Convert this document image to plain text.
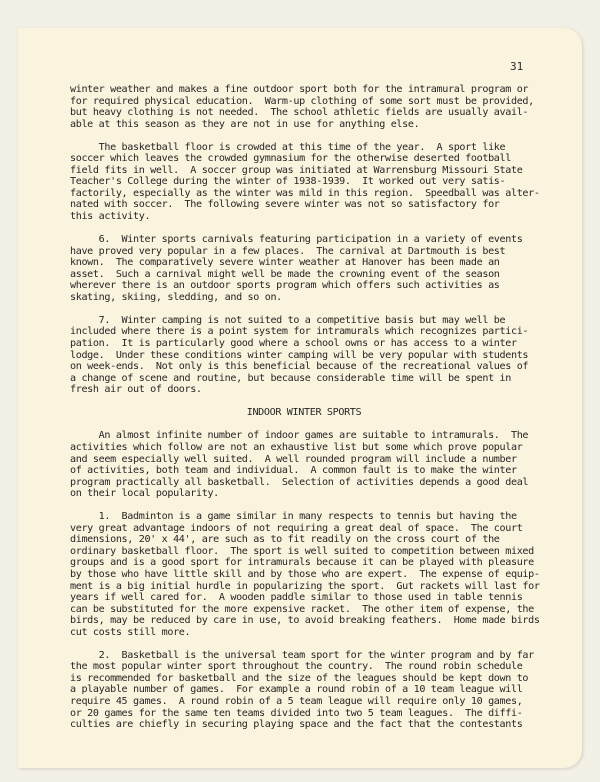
31
winter weather and makes a fine outdoor sport both for the intramural program or
for required physical education.  Warm-up clothing of some sort must be provided,
but heavy clothing is not needed.  The school athletic fields are usually avail-
able at this season as they are not in use for anything else.
The basketball floor is crowded at this time of the year.  A sport like
soccer which leaves the crowded gymnasium for the otherwise deserted football
field fits in well.  A soccer group was initiated at Warrensburg Missouri State
Teacher's College during the winter of 1938-1939.  It worked out very satis-
factorily, especially as the winter was mild in this region.  Speedball was alter-
nated with soccer.  The following severe winter was not so satisfactory for
this activity.
6.  Winter sports carnivals featuring participation in a variety of events
have proved very popular in a few places.  The carnival at Dartmouth is best
known.  The comparatively severe winter weather at Hanover has been made an
asset.  Such a carnival might well be made the crowning event of the season
wherever there is an outdoor sports program which offers such activities as
skating, skiing, sledding, and so on.
7.  Winter camping is not suited to a competitive basis but may well be
included where there is a point system for intramurals which recognizes partici-
pation.  It is particularly good where a school owns or has access to a winter
lodge.  Under these conditions winter camping will be very popular with students
on week-ends.  Not only is this beneficial because of the recreational values of
a change of scene and routine, but because considerable time will be spent in
fresh air out of doors.
INDOOR WINTER SPORTS
An almost infinite number of indoor games are suitable to intramurals.  The
activities which follow are not an exhaustive list but some which prove popular
and seem especially well suited.  A well rounded program will include a number
of activities, both team and individual.  A common fault is to make the winter
program practically all basketball.  Selection of activities depends a good deal
on their local popularity.
1.  Badminton is a game similar in many respects to tennis but having the
very great advantage indoors of not requiring a great deal of space.  The court
dimensions, 20' x 44', are such as to fit readily on the cross court of the
ordinary basketball floor.  The sport is well suited to competition between mixed
groups and is a good sport for intramurals because it can be played with pleasure
by those who have little skill and by those who are expert.  The expense of equip-
ment is a big initial hurdle in popularizing the sport.  Gut rackets will last for
years if well cared for.  A wooden paddle similar to those used in table tennis
can be substituted for the more expensive racket.  The other item of expense, the
birds, may be reduced by care in use, to avoid breaking feathers.  Home made birds
cut costs still more.
2.  Basketball is the universal team sport for the winter program and by far
the most popular winter sport throughout the country.  The round robin schedule
is recommended for basketball and the size of the leagues should be kept down to
a playable number of games.  For example a round robin of a 10 team league will
require 45 games.  A round robin of a 5 team league will require only 10 games,
or 20 games for the same ten teams divided into two 5 team leagues.  The diffi-
culties are chiefly in securing playing space and the fact that the contestants
